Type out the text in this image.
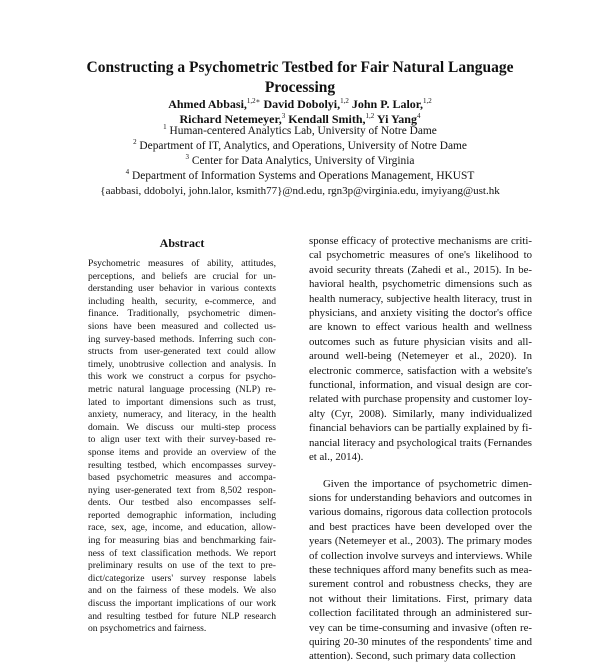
Constructing a Psychometric Testbed for Fair Natural Language
Processing
Ahmed Abbasi,$^{1,2∗}$ David Dobolyi,$^{1,2}$ John P. Lalor,$^{1,2}$
Richard Netemeyer,$^3$ Kendall Smith,$^{1,2}$ Yi Yang$^4$
$^1$ Human-centered Analytics Lab, University of Notre Dame
$^2$ Department of IT, Analytics, and Operations, University of Notre Dame
$^3$ Center for Data Analytics, University of Virginia
$^4$ Department of Information Systems and Operations Management, HKUST
{aabbasi, ddobolyi, john.lalor, ksmith77}@nd.edu, rgn3p@virginia.edu, imyiyang@ust.hk
Abstract
Psychometric measures of ability, attitudes,
perceptions, and beliefs are crucial for un-
derstanding user behavior in various contexts
including health, security, e-commerce, and
finance. Traditionally, psychometric dimen-
sions have been measured and collected us-
ing survey-based methods. Inferring such con-
structs from user-generated text could allow
timely, unobtrusive collection and analysis. In
this work we construct a corpus for psycho-
metric natural language processing (NLP) re-
lated to important dimensions such as trust,
anxiety, numeracy, and literacy, in the health
domain. We discuss our multi-step process
to align user text with their survey-based re-
sponse items and provide an overview of the
resulting testbed, which encompasses survey-
based psychometric measures and accompa-
nying user-generated text from 8,502 respon-
dents. Our testbed also encompasses self-
reported demographic information, including
race, sex, age, income, and education, allow-
ing for measuring bias and benchmarking fair-
ness of text classification methods. We report
preliminary results on use of the text to pre-
dict/categorize users' survey response labels
and on the fairness of these models. We also
discuss the important implications of our work
and resulting testbed for future NLP research
on psychometrics and fairness.
sponse efficacy of protective mechanisms are criti-
cal psychometric measures of one's likelihood to
avoid security threats (Zahedi et al., 2015). In be-
havioral health, psychometric dimensions such as
health numeracy, subjective health literacy, trust in
physicians, and anxiety visiting the doctor's office
are known to effect various health and wellness
outcomes such as future physician visits and all-
around well-being (Netemeyer et al., 2020). In
electronic commerce, satisfaction with a website's
functional, information, and visual design are cor-
related with purchase propensity and customer loy-
alty (Cyr, 2008). Similarly, many individualized
financial behaviors can be partially explained by fi-
nancial literacy and psychological traits (Fernandes
et al., 2014).
Given the importance of psychometric dimen-
sions for understanding behaviors and outcomes in
various domains, rigorous data collection protocols
and best practices have been developed over the
years (Netemeyer et al., 2003). The primary modes
of collection involve surveys and interviews. While
these techniques afford many benefits such as mea-
surement control and robustness checks, they are
not without their limitations. First, primary data
collection facilitated through an administered sur-
vey can be time-consuming and invasive (often re-
quiring 20-30 minutes of the respondents' time and
attention). Second, such primary data collection
